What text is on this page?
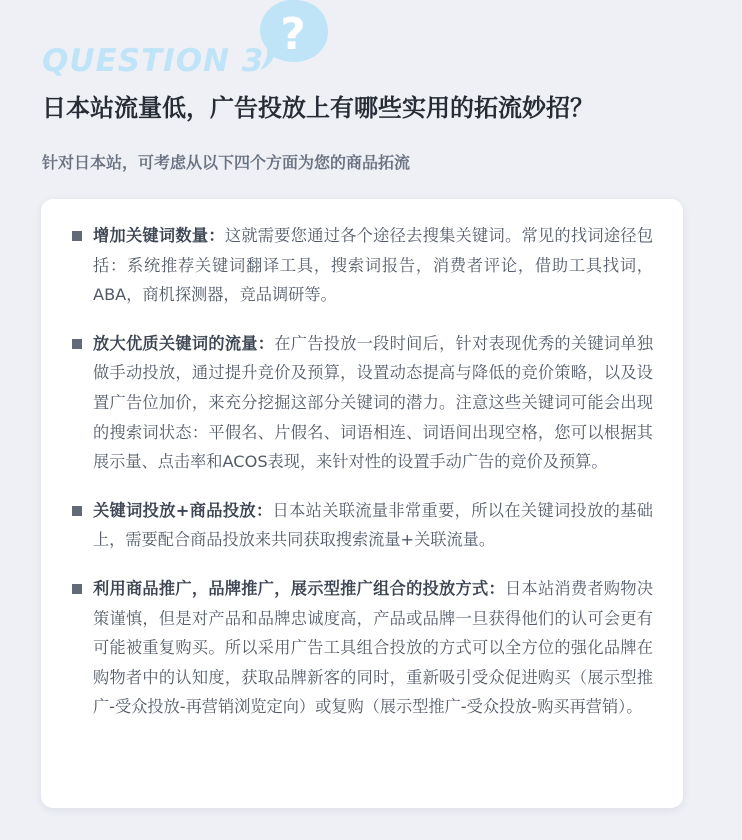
?
QUESTION 3
日本站流量低，广告投放上有哪些实用的拓流妙招？
针对日本站，可考虑从以下四个方面为您的商品拓流
增加关键词数量：这就需要您通过各个途径去搜集关键词。常见的找词途径包括：系统推荐关键词翻译工具，搜索词报告，消费者评论，借助工具找词，ABA，商机探测器，竞品调研等。
放大优质关键词的流量：在广告投放一段时间后，针对表现优秀的关键词单独做手动投放，通过提升竞价及预算，设置动态提高与降低的竞价策略，以及设置广告位加价，来充分挖掘这部分关键词的潜力。注意这些关键词可能会出现的搜索词状态：平假名、片假名、词语相连、词语间出现空格，您可以根据其展示量、点击率和ACOS表现，来针对性的设置手动广告的竞价及预算。
关键词投放+商品投放：日本站关联流量非常重要，所以在关键词投放的基础上，需要配合商品投放来共同获取搜索流量+关联流量。
利用商品推广，品牌推广，展示型推广组合的投放方式：日本站消费者购物决策谨慎，但是对产品和品牌忠诚度高，产品或品牌一旦获得他们的认可会更有可能被重复购买。所以采用广告工具组合投放的方式可以全方位的强化品牌在购物者中的认知度，获取品牌新客的同时，重新吸引受众促进购买（展示型推广-受众投放-再营销浏览定向）或复购（展示型推广-受众投放-购买再营销）。
